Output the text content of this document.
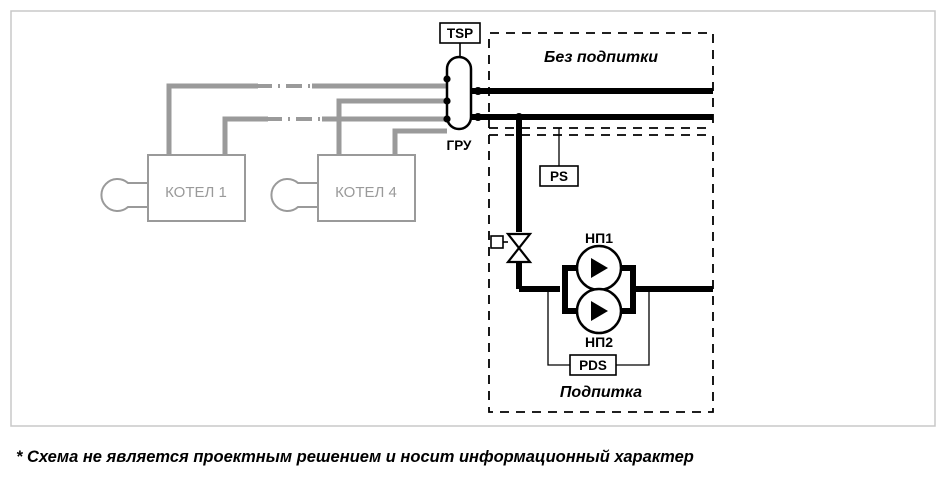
КОТЕЛ 1	КОТЕЛ 4
ГРУ
TSP
PS
НП1
НП2
PDS
Без подпитки
Подпитка
* Схема не является проектным решением и носит информационный характер
